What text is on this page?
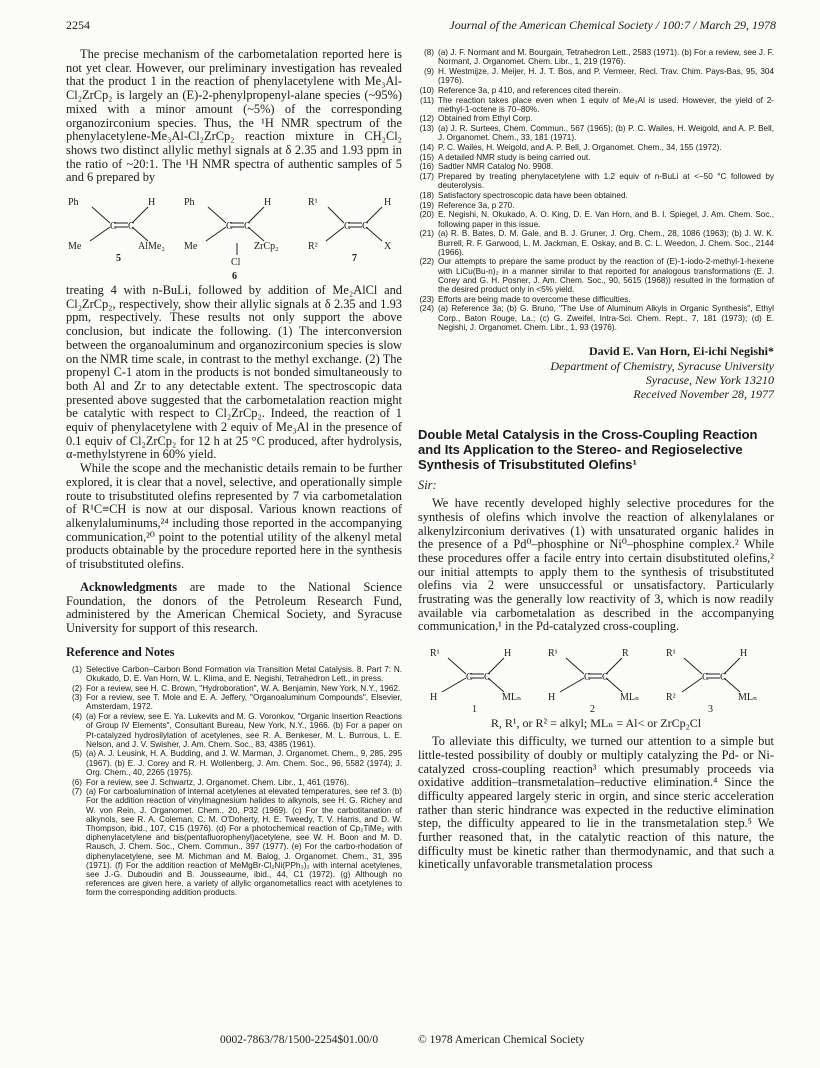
2254	Journal of the American Chemical Society / 100:7 / March 29, 1978

The precise mechanism of the carbometalation reported here is not yet clear. However, our preliminary investigation has revealed that the product 1 in the reaction of phenylacetylene with Me₃Al-Cl₂ZrCp₂ is largely an (E)-2-phenylpropenyl-alane species (~95%) mixed with a minor amount (~5%) of the corresponding organozirconium species. Thus, the ¹H NMR spectrum of the phenylacetylene-Me₃Al-Cl₂ZrCp₂ reaction mixture in CH₂Cl₂ shows two distinct allylic methyl signals at δ 2.35 and 1.93 ppm in the ratio of ~20:1. The ¹H NMR spectra of authentic samples of 5 and 6 prepared by

C C
Ph	H
Me	AlMe₂
5
C C
Ph	H
Me	ZrCp₂
Cl
6
C C
R¹	H
R²	X
7

treating 4 with n-BuLi, followed by addition of Me₂AlCl and Cl₂ZrCp₂, respectively, show their allylic signals at δ 2.35 and 1.93 ppm, respectively. These results not only support the above conclusion, but indicate the following. (1) The interconversion between the organoaluminum and organozirconium species is slow on the NMR time scale, in contrast to the methyl exchange. (2) The propenyl C-1 atom in the products is not bonded simultaneously to both Al and Zr to any detectable extent. The spectroscopic data presented above suggested that the carbometalation reaction might be catalytic with respect to Cl₂ZrCp₂. Indeed, the reaction of 1 equiv of phenylacetylene with 2 equiv of Me₃Al in the presence of 0.1 equiv of Cl₂ZrCp₂ for 12 h at 25 °C produced, after hydrolysis, α-methylstyrene in 60% yield.

While the scope and the mechanistic details remain to be further explored, it is clear that a novel, selective, and operationally simple route to trisubstituted olefins represented by 7 via carbometalation of R¹C≡CH is now at our disposal. Various known reactions of alkenylaluminums,²⁴ including those reported in the accompanying communication,²⁰ point to the potential utility of the alkenyl metal products obtainable by the procedure reported here in the synthesis of trisubstituted olefins.

Acknowledgments are made to the National Science Foundation, the donors of the Petroleum Research Fund, administered by the American Chemical Society, and Syracuse University for support of this research.

Reference and Notes
(1) Selective Carbon–Carbon Bond Formation via Transition Metal Catalysis. 8. Part 7: N. Okukado, D. E. Van Horn, W. L. Klima, and E. Negishi, Tetrahedron Lett., in press.
(2) For a review, see H. C. Brown, "Hydroboration", W. A. Benjamin, New York, N.Y., 1962.
(3) For a review, see T. Mole and E. A. Jeffery, "Organoaluminum Compounds", Elsevier, Amsterdam, 1972.
(4) (a) For a review, see E. Ya. Lukevits and M. G. Voronkov, "Organic Insertion Reactions of Group IV Elements", Consultant Bureau, New York, N.Y., 1966. (b) For a paper on Pt-catalyzed hydrosilylation of acetylenes, see R. A. Benkeser, M. L. Burrous, L. E. Nelson, and J. V. Swisher, J. Am. Chem. Soc., 83, 4385 (1961).
(5) (a) A. J. Leusink, H. A. Budding, and J. W. Marman, J. Organomet. Chem., 9, 285, 295 (1967). (b) E. J. Corey and R. H. Wollenberg, J. Am. Chem. Soc., 96, 5582 (1974); J. Org. Chem., 40, 2265 (1975).
(6) For a review, see J. Schwartz, J. Organomet. Chem. Libr., 1, 461 (1976).
(7) (a) For carboalumination of internal acetylenes at elevated temperatures, see ref 3. (b) For the addition reaction of vinylmagnesium halides to alkynols, see H. G. Richey and W. von Rein, J. Organomet. Chem., 20, P32 (1969). (c) For the carbotitanation of alkynols, see R. A. Coleman, C. M. O'Doherty, H. E. Tweedy, T. V. Harris, and D. W. Thompson, ibid., 107, C15 (1976). (d) For a photochemical reaction of Cp₂TiMe₂ with diphenylacetylene and bis(pentafluorophenyl)acetylene, see W. H. Boon and M. D. Rausch, J. Chem. Soc., Chem. Commun., 397 (1977). (e) For the carbo-rhodation of diphenylacetylene, see M. Michman and M. Balog, J. Organomet. Chem., 31, 395 (1971). (f) For the addition reaction of MeMgBr-Cl₂Ni(PPh₃)₂ with internal acetylenes, see J.-G. Duboudin and B. Jousseaume, ibid., 44, C1 (1972). (g) Although no references are given here, a variety of allylic organometallics react with acetylenes to form the corresponding addition products.
(8) (a) J. F. Normant and M. Bourgain, Tetrahedron Lett., 2583 (1971). (b) For a review, see J. F. Normant, J. Organomet. Chem. Libr., 1, 219 (1976).
(9) H. Westmijze, J. Meijer, H. J. T. Bos, and P. Vermeer, Recl. Trav. Chim. Pays-Bas, 95, 304 (1976).
(10) Reference 3a, p 410, and references cited therein.
(11) The reaction takes place even when 1 equiv of Me₃Al is used. However, the yield of 2-methyl-1-octene is 70–80%.
(12) Obtained from Ethyl Corp.
(13) (a) J. R. Surtees, Chem. Commun., 567 (1965); (b) P. C. Wailes, H. Weigold, and A. P. Bell, J. Organomet. Chem., 33, 181 (1971).
(14) P. C. Wailes, H. Weigold, and A. P. Bell, J. Organomet. Chem., 34, 155 (1972).
(15) A detailed NMR study is being carried out.
(16) Sadtler NMR Catalog No. 9908.
(17) Prepared by treating phenylacetylene with 1.2 equiv of n-BuLi at <−50 °C followed by deuterolysis.
(18) Satisfactory spectroscopic data have been obtained.
(19) Reference 3a, p 270.
(20) E. Negishi, N. Okukado, A. O. King, D. E. Van Horn, and B. I. Spiegel, J. Am. Chem. Soc., following paper in this issue.
(21) (a) R. B. Bates, D. M. Gale, and B. J. Gruner, J. Org. Chem., 28, 1086 (1963); (b) J. W. K. Burrell, R. F. Garwood, L. M. Jackman, E. Oskay, and B. C. L. Weedon, J. Chem. Soc., 2144 (1966).
(22) Our attempts to prepare the same product by the reaction of (E)-1-iodo-2-methyl-1-hexene with LiCu(Bu-n)₂ in a manner similar to that reported for analogous transformations (E. J. Corey and G. H. Posner, J. Am. Chem. Soc., 90, 5615 (1968)) resulted in the formation of the desired product only in <5% yield.
(23) Efforts are being made to overcome these difficulties.
(24) (a) Reference 3a; (b) G. Bruno, "The Use of Aluminum Alkyls in Organic Synthesis", Ethyl Corp., Baton Rouge, La.; (c) G. Zweifel, Intra-Sci. Chem. Rept., 7, 181 (1973); (d) E. Negishi, J. Organomet. Chem. Libr., 1, 93 (1976).
David E. Van Horn, Ei-ichi Negishi*
Department of Chemistry, Syracuse University
Syracuse, New York 13210
Received November 28, 1977
Double Metal Catalysis in the Cross-Coupling Reaction and Its Application to the Stereo- and Regioselective Synthesis of Trisubstituted Olefins¹
Sir:

We have recently developed highly selective procedures for the synthesis of olefins which involve the reaction of alkenylalanes or alkenylzirconium derivatives (1) with unsaturated organic halides in the presence of a Pd⁰–phosphine or Ni⁰–phosphine complex.² While these procedures offer a facile entry into certain disubstituted olefins,² our initial attempts to apply them to the synthesis of trisubstituted olefins via 2 were unsuccessful or unsatisfactory. Particularly frustrating was the generally low reactivity of 3, which is now readily available via carbometalation as described in the accompanying communication,¹ in the Pd-catalyzed cross-coupling.

C C
R¹	H
H	MLₙ
1
C C
R¹	R
H	MLₙ
2
C C
R¹	H
R²	MLₙ
3
R, R¹, or R² = alkyl; MLₙ = Al< or ZrCp₂Cl

To alleviate this difficulty, we turned our attention to a simple but little-tested possibility of doubly or multiply catalyzing the Pd- or Ni-catalyzed cross-coupling reaction³ which presumably proceeds via oxidative addition–transmetalation–reductive elimination.⁴ Since the difficulty appeared largely steric in orgin, and since steric acceleration rather than steric hindrance was expected in the reductive elimination step, the difficulty appeared to lie in the transmetalation step.⁵ We further reasoned that, in the catalytic reaction of this nature, the difficulty must be kinetic rather than thermodynamic, and that such a kinetically unfavorable transmetalation process

0002-7863/78/1500-2254$01.00/0	© 1978 American Chemical Society
